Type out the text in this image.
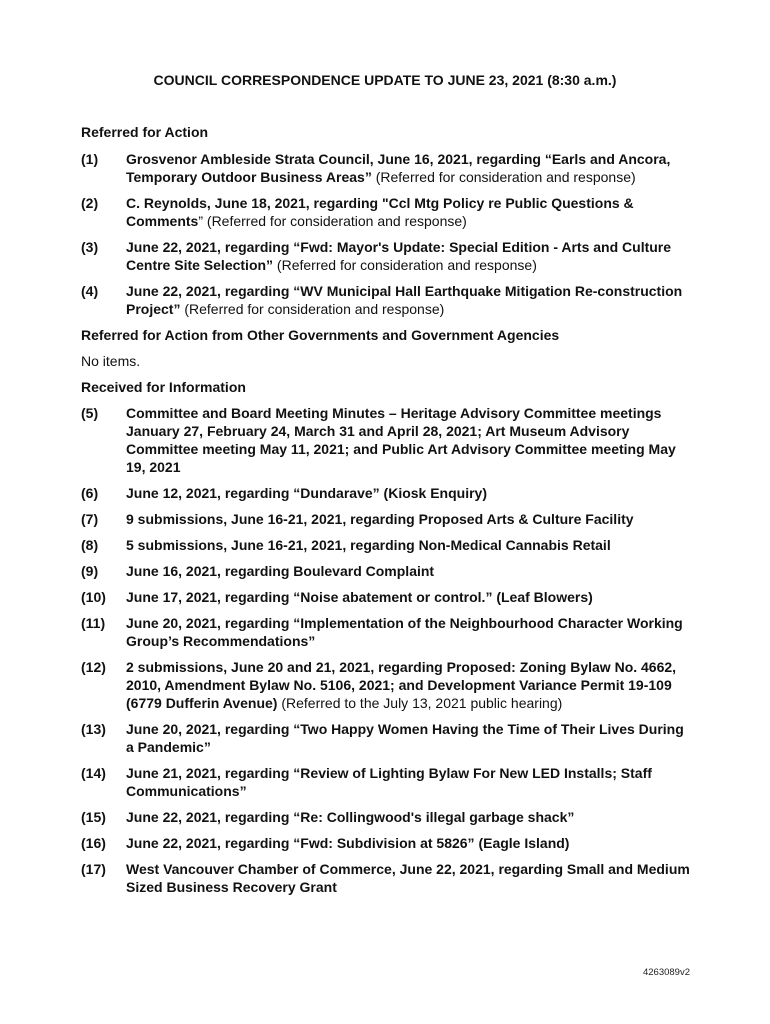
COUNCIL CORRESPONDENCE UPDATE TO JUNE 23, 2021 (8:30 a.m.)

Referred for Action

(1)	Grosvenor Ambleside Strata Council, June 16, 2021, regarding “Earls and Ancora, Temporary Outdoor Business Areas” (Referred for consideration and response)
(2)	C. Reynolds, June 18, 2021, regarding "Ccl Mtg Policy re Public Questions & Comments” (Referred for consideration and response)
(3)	June 22, 2021, regarding “Fwd: Mayor's Update: Special Edition - Arts and Culture Centre Site Selection” (Referred for consideration and response)
(4)	June 22, 2021, regarding “WV Municipal Hall Earthquake Mitigation Re-construction Project” (Referred for consideration and response)

Referred for Action from Other Governments and Government Agencies

No items.

Received for Information

(5)	Committee and Board Meeting Minutes – Heritage Advisory Committee meetings January 27, February 24, March 31 and April 28, 2021; Art Museum Advisory Committee meeting May 11, 2021; and Public Art Advisory Committee meeting May 19, 2021
(6)	June 12, 2021, regarding “Dundarave” (Kiosk Enquiry)
(7)	9 submissions, June 16-21, 2021, regarding Proposed Arts & Culture Facility
(8)	5 submissions, June 16-21, 2021, regarding Non-Medical Cannabis Retail
(9)	June 16, 2021, regarding Boulevard Complaint
(10)	June 17, 2021, regarding “Noise abatement or control.” (Leaf Blowers)
(11)	June 20, 2021, regarding “Implementation of the Neighbourhood Character Working Group’s Recommendations”
(12)	2 submissions, June 20 and 21, 2021, regarding Proposed: Zoning Bylaw No. 4662, 2010, Amendment Bylaw No. 5106, 2021; and Development Variance Permit 19-109 (6779 Dufferin Avenue) (Referred to the July 13, 2021 public hearing)
(13)	June 20, 2021, regarding “Two Happy Women Having the Time of Their Lives During a Pandemic”
(14)	June 21, 2021, regarding “Review of Lighting Bylaw For New LED Installs; Staff Communications”
(15)	June 22, 2021, regarding “Re: Collingwood's illegal garbage shack”
(16)	June 22, 2021, regarding “Fwd: Subdivision at 5826” (Eagle Island)
(17)	West Vancouver Chamber of Commerce, June 22, 2021, regarding Small and Medium Sized Business Recovery Grant
4263089v2
